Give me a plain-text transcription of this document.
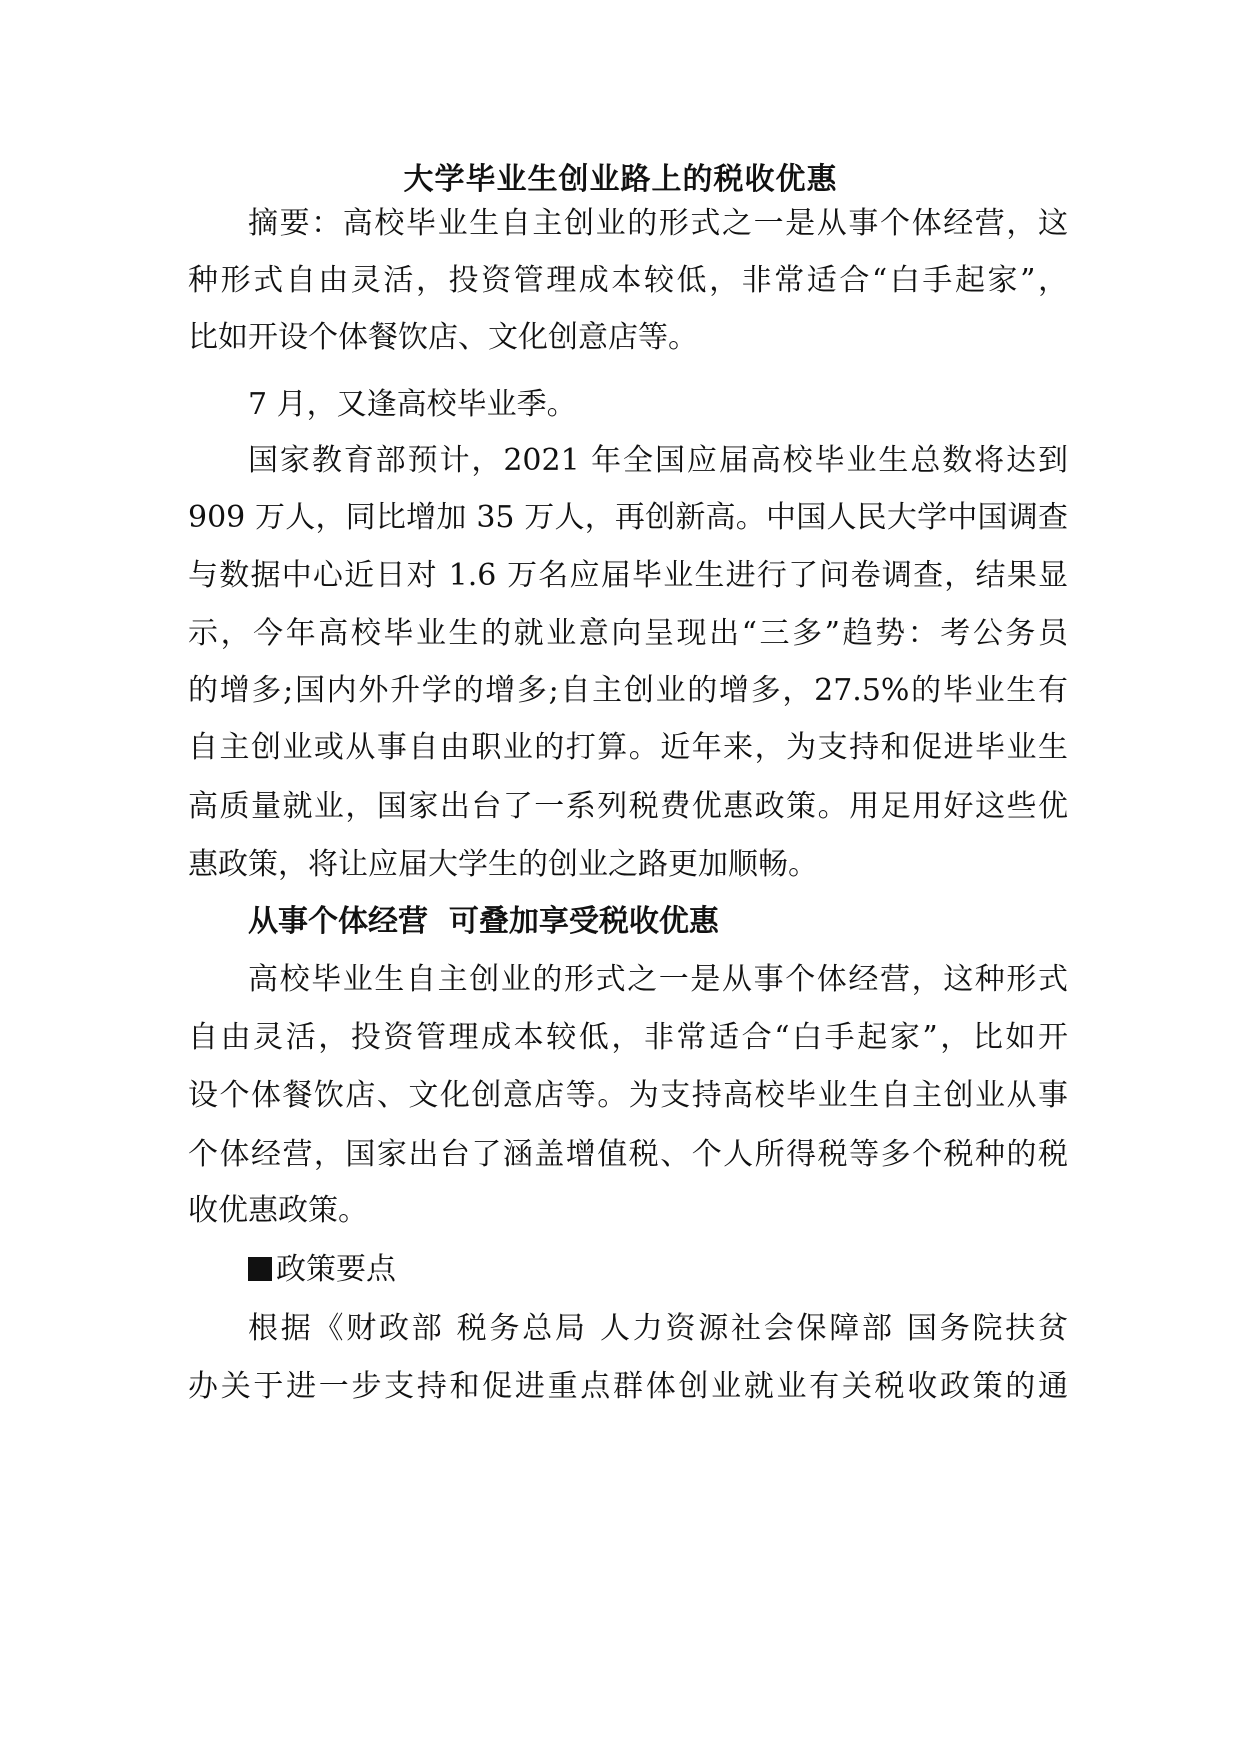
大学毕业生创业路上的税收优惠

摘要：高校毕业生自主创业的形式之一是从事个体经营，这

种形式自由灵活，投资管理成本较低，非常适合“白手起家”，

比如开设个体餐饮店、文化创意店等。

7 月，又逢高校毕业季。

国家教育部预计，2021 年全国应届高校毕业生总数将达到

909 万人，同比增加 35 万人，再创新高。中国人民大学中国调查

与数据中心近日对 1.6 万名应届毕业生进行了问卷调查，结果显

示，今年高校毕业生的就业意向呈现出“三多”趋势：考公务员

的增多;国内外升学的增多;自主创业的增多，27.5%的毕业生有

自主创业或从事自由职业的打算。近年来，为支持和促进毕业生

高质量就业，国家出台了一系列税费优惠政策。用足用好这些优

惠政策，将让应届大学生的创业之路更加顺畅。

从事个体经营  可叠加享受税收优惠

高校毕业生自主创业的形式之一是从事个体经营，这种形式

自由灵活，投资管理成本较低，非常适合“白手起家”，比如开

设个体餐饮店、文化创意店等。为支持高校毕业生自主创业从事

个体经营，国家出台了涵盖增值税、个人所得税等多个税种的税

收优惠政策。

政策要点

根据《财政部 税务总局 人力资源社会保障部 国务院扶贫

办关于进一步支持和促进重点群体创业就业有关税收政策的通
